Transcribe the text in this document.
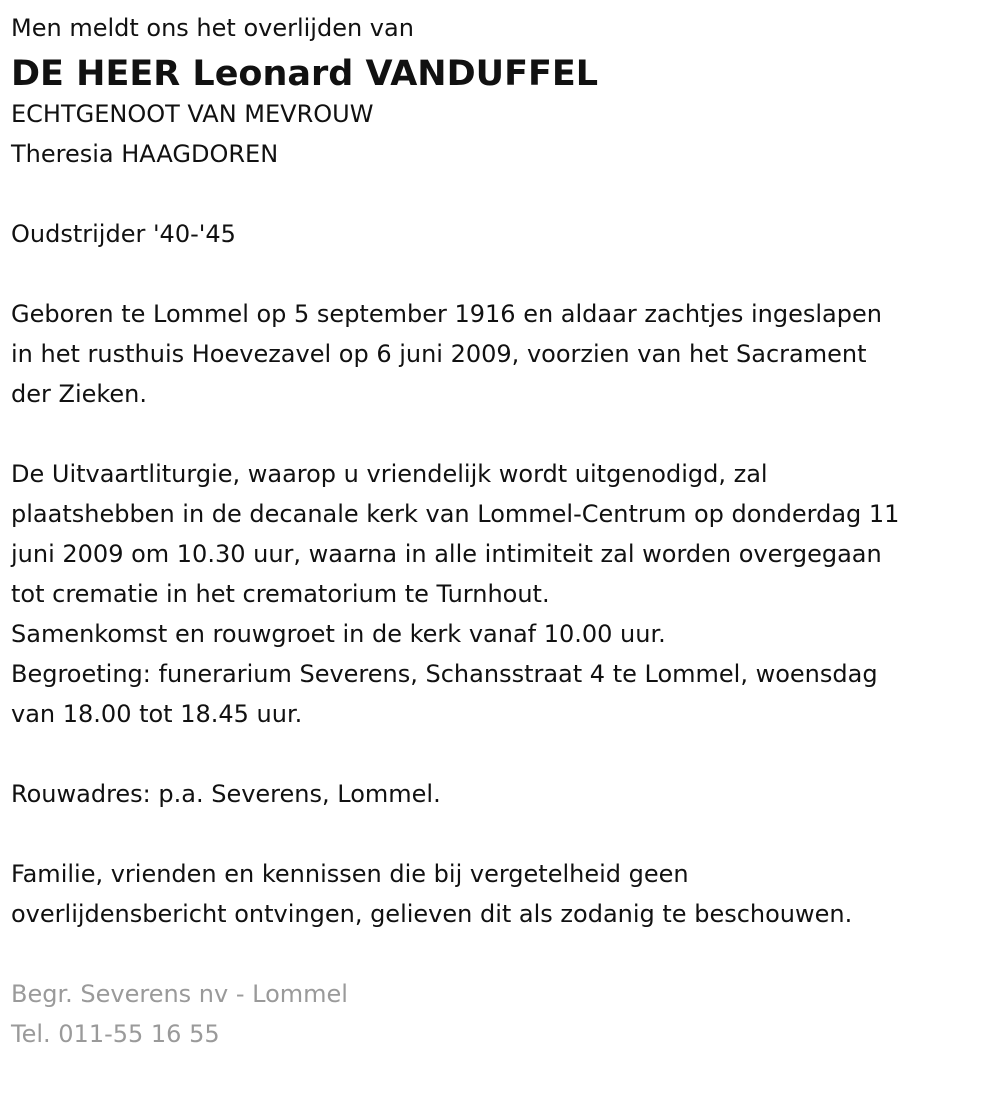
Men meldt ons het overlijden van

DE HEER Leonard VANDUFFEL

ECHTGENOOT VAN MEVROUW

Theresia HAAGDOREN

Oudstrijder '40-'45

Geboren te Lommel op 5 september 1916 en aldaar zachtjes ingeslapen

in het rusthuis Hoevezavel op 6 juni 2009, voorzien van het Sacrament

der Zieken.

De Uitvaartliturgie, waarop u vriendelijk wordt uitgenodigd, zal

plaatshebben in de decanale kerk van Lommel-Centrum op donderdag 11

juni 2009 om 10.30 uur, waarna in alle intimiteit zal worden overgegaan

tot crematie in het crematorium te Turnhout.

Samenkomst en rouwgroet in de kerk vanaf 10.00 uur.

Begroeting: funerarium Severens, Schansstraat 4 te Lommel, woensdag

van 18.00 tot 18.45 uur.

Rouwadres: p.a. Severens, Lommel.

Familie, vrienden en kennissen die bij vergetelheid geen

overlijdensbericht ontvingen, gelieven dit als zodanig te beschouwen.

Begr. Severens nv - Lommel

Tel. 011-55 16 55
